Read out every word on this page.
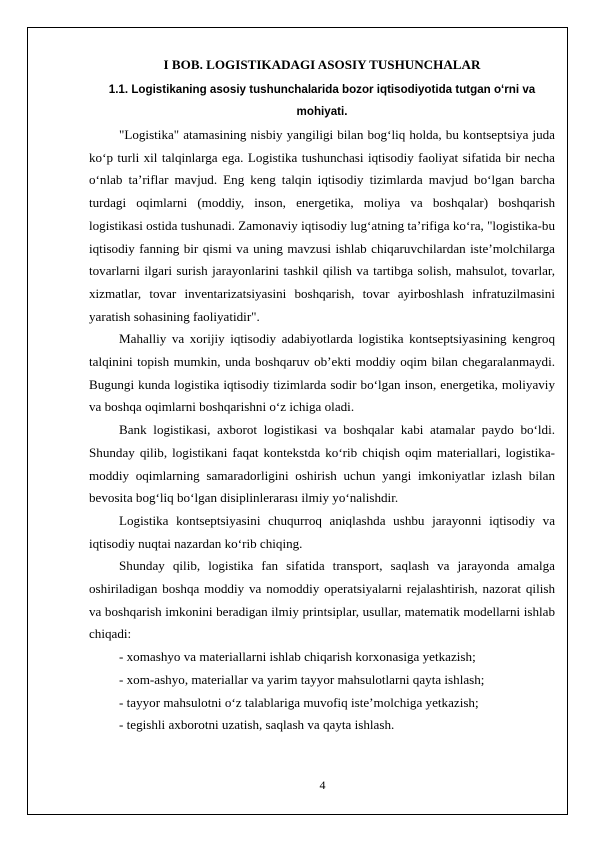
I BOB. LOGISTIKADAGI ASOSIY TUSHUNCHALAR
1.1. Logistikaning asosiy tushunchalarida bozor iqtisodiyotida tutgan o‘rni va
mohiyati.

"Logistika" atamasining nisbiy yangiligi bilan bog‘liq holda, bu kontseptsiya juda ko‘p turli xil talqinlarga ega. Logistika tushunchasi iqtisodiy faoliyat sifatida bir necha o‘nlab ta’riflar mavjud. Eng keng talqin iqtisodiy tizimlarda mavjud bo‘lgan barcha turdagi oqimlarni (moddiy, inson, energetika, moliya va boshqalar) boshqarish logistikasi ostida tushunadi. Zamonaviy iqtisodiy lug‘atning ta’rifiga ko‘ra, "logistika-bu iqtisodiy fanning bir qismi va uning mavzusi ishlab chiqaruvchilardan iste’molchilarga tovarlarni ilgari surish jarayonlarini tashkil qilish va tartibga solish, mahsulot, tovarlar, xizmatlar, tovar inventarizatsiyasini boshqarish, tovar ayirboshlash infratuzilmasini yaratish sohasining faoliyatidir".

Mahalliy va xorijiy iqtisodiy adabiyotlarda logistika kontseptsiyasining kengroq talqinini topish mumkin, unda boshqaruv ob’ekti moddiy oqim bilan chegaralanmaydi. Bugungi kunda logistika iqtisodiy tizimlarda sodir bo‘lgan inson, energetika, moliyaviy va boshqa oqimlarni boshqarishni o‘z ichiga oladi.

Bank logistikasi, axborot logistikasi va boshqalar kabi atamalar paydo bo‘ldi. Shunday qilib, logistikani faqat kontekstda ko‘rib chiqish oqim materiallari, logistika-moddiy oqimlarning samaradorligini oshirish uchun yangi imkoniyatlar izlash bilan bevosita bog‘liq bo‘lgan disiplinlerarası ilmiy yo‘nalishdir.

Logistika kontseptsiyasini chuqurroq aniqlashda ushbu jarayonni iqtisodiy va iqtisodiy nuqtai nazardan ko‘rib chiqing.

Shunday qilib, logistika fan sifatida transport, saqlash va jarayonda amalga oshiriladigan boshqa moddiy va nomoddiy operatsiyalarni rejalashtirish, nazorat qilish va boshqarish imkonini beradigan ilmiy printsiplar, usullar, matematik modellarni ishlab chiqadi:

- xomashyo va materiallarni ishlab chiqarish korxonasiga yetkazish;

- xom-ashyo, materiallar va yarim tayyor mahsulotlarni qayta ishlash;

- tayyor mahsulotni o‘z talablariga muvofiq iste’molchiga yetkazish;

- tegishli axborotni uzatish, saqlash va qayta ishlash.

4
